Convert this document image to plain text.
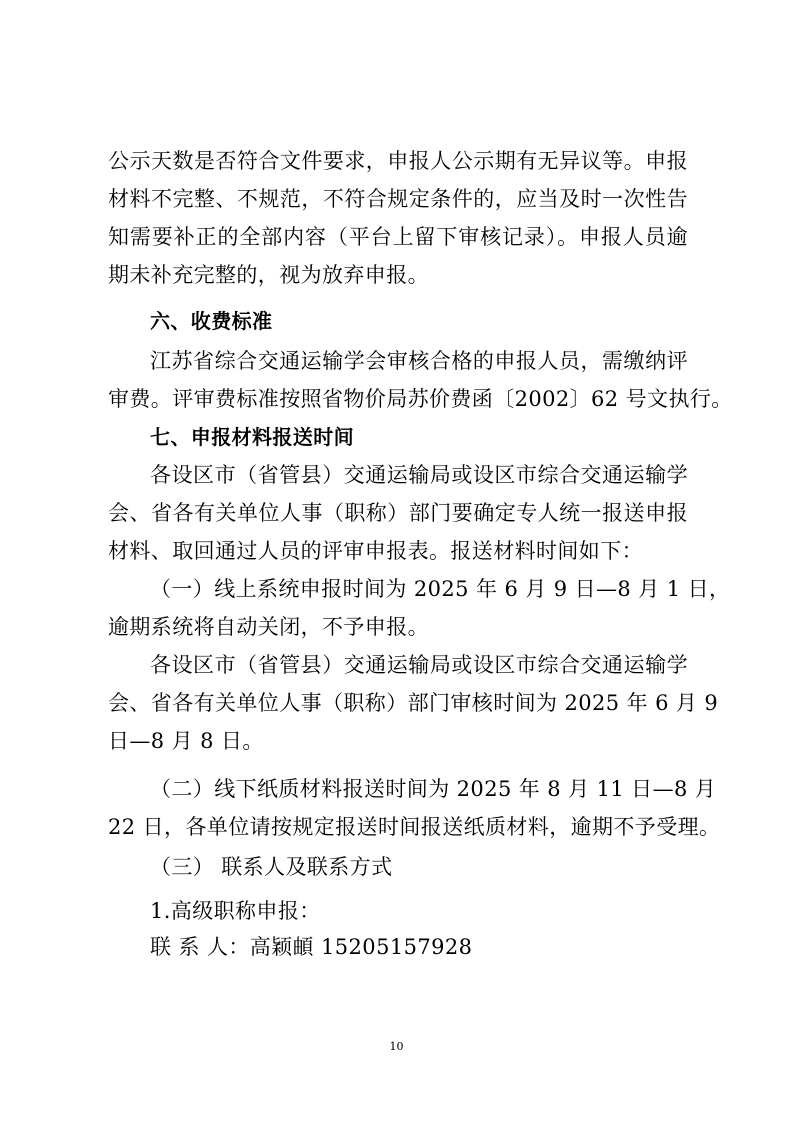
公示天数是否符合文件要求，申报人公示期有无异议等。申报
材料不完整、不规范，不符合规定条件的，应当及时一次性告
知需要补正的全部内容（平台上留下审核记录）。申报人员逾
期未补充完整的，视为放弃申报。
六、收费标准
江苏省综合交通运输学会审核合格的申报人员，需缴纳评
审费。评审费标准按照省物价局苏价费函〔2002〕62 号文执行。
七、申报材料报送时间
各设区市（省管县）交通运输局或设区市综合交通运输学
会、省各有关单位人事（职称）部门要确定专人统一报送申报
材料、取回通过人员的评审申报表。报送材料时间如下：
（一）线上系统申报时间为 2025 年 6 月 9 日—8 月 1 日，
逾期系统将自动关闭，不予申报。
各设区市（省管县）交通运输局或设区市综合交通运输学
会、省各有关单位人事（职称）部门审核时间为 2025 年 6 月 9
日—8 月 8 日。
（二）线下纸质材料报送时间为 2025 年 8 月 11 日—8 月
22 日，各单位请按规定报送时间报送纸质材料，逾期不予受理。
（三） 联系人及联系方式
1.高级职称申报：
联 系 人：高颖頔 15205157928
10
